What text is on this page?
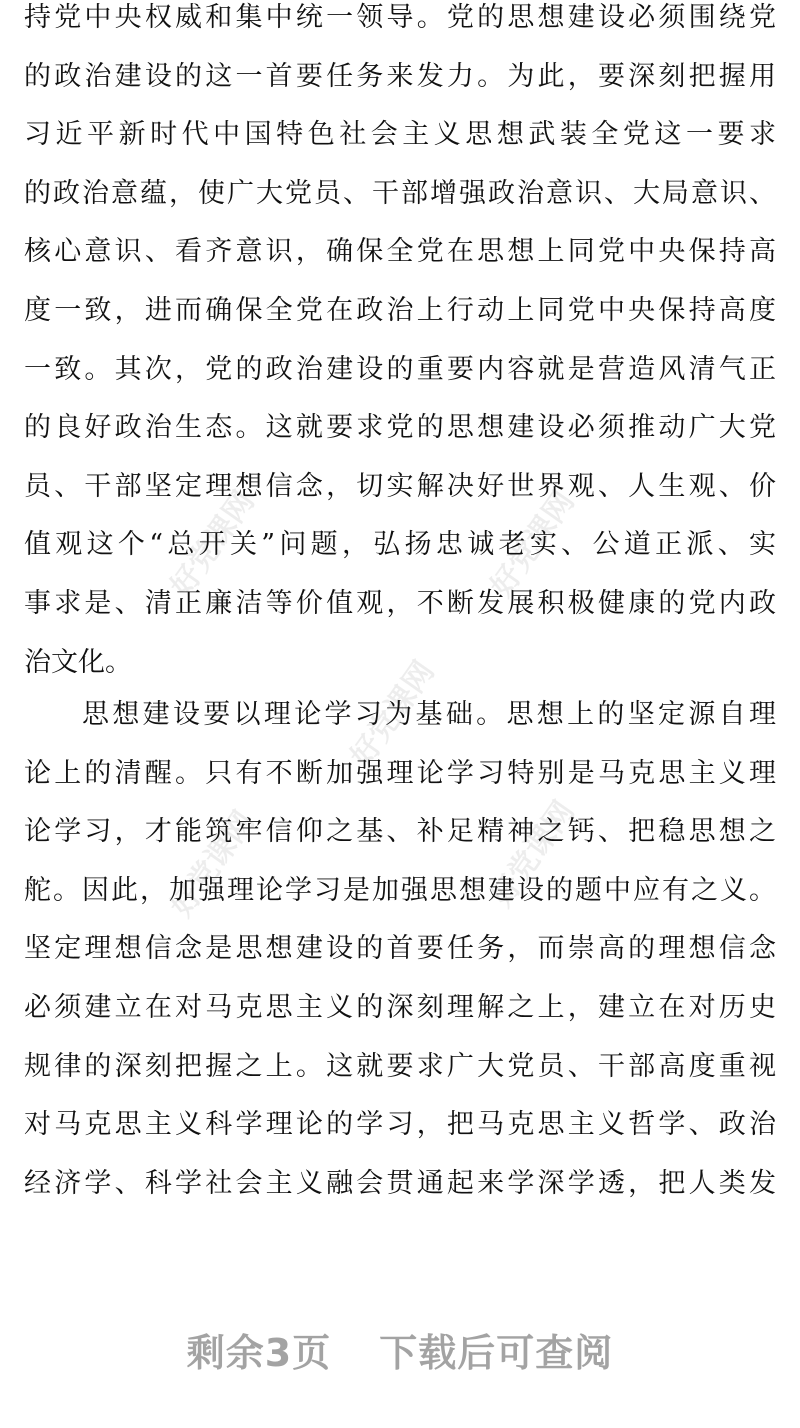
好党课网	好党课网
好党课网
好党课网	好党课网
持党中央权威和集中统一领导。党的思想建设必须围绕党
的政治建设的这一首要任务来发力。为此，要深刻把握用
习近平新时代中国特色社会主义思想武装全党这一要求
的政治意蕴，使广大党员、干部增强政治意识、大局意识、
核心意识、看齐意识，确保全党在思想上同党中央保持高
度一致，进而确保全党在政治上行动上同党中央保持高度
一致。其次，党的政治建设的重要内容就是营造风清气正
的良好政治生态。这就要求党的思想建设必须推动广大党
员、干部坚定理想信念，切实解决好世界观、人生观、价
值观这个“总开关”问题，弘扬忠诚老实、公道正派、实
事求是、清正廉洁等价值观，不断发展积极健康的党内政
治文化。
思想建设要以理论学习为基础。思想上的坚定源自理
论上的清醒。只有不断加强理论学习特别是马克思主义理
论学习，才能筑牢信仰之基、补足精神之钙、把稳思想之
舵。因此，加强理论学习是加强思想建设的题中应有之义。
坚定理想信念是思想建设的首要任务，而崇高的理想信念
必须建立在对马克思主义的深刻理解之上，建立在对历史
规律的深刻把握之上。这就要求广大党员、干部高度重视
对马克思主义科学理论的学习，把马克思主义哲学、政治
经济学、科学社会主义融会贯通起来学深学透，把人类发
剩余3页 下载后可查阅
